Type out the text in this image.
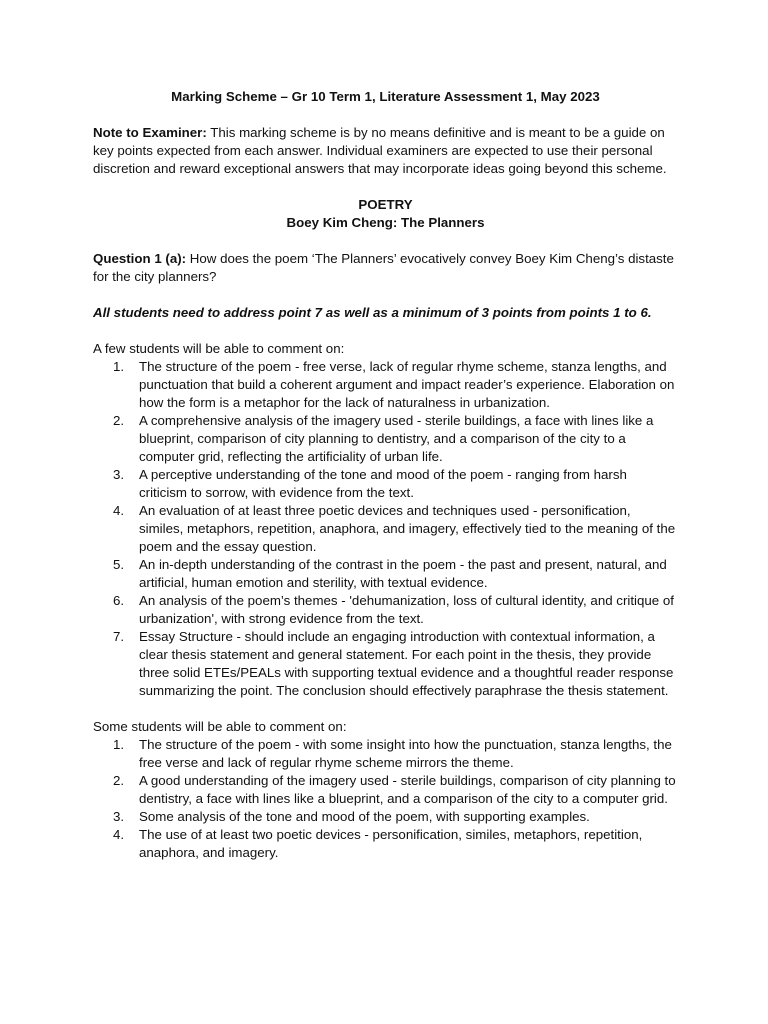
Marking Scheme – Gr 10 Term 1, Literature Assessment 1, May 2023

Note to Examiner: This marking scheme is by no means definitive and is meant to be a guide on key points expected from each answer. Individual examiners are expected to use their personal discretion and reward exceptional answers that may incorporate ideas going beyond this scheme.

POETRY

Boey Kim Cheng: The Planners

Question 1 (a): How does the poem ‘The Planners’ evocatively convey Boey Kim Cheng’s distaste for the city planners?

All students need to address point 7 as well as a minimum of 3 points from points 1 to 6.

A few students will be able to comment on:

1. The structure of the poem - free verse, lack of regular rhyme scheme, stanza lengths, and punctuation that build a coherent argument and impact reader’s experience. Elaboration on how the form is a metaphor for the lack of naturalness in urbanization.
2. A comprehensive analysis of the imagery used - sterile buildings, a face with lines like a blueprint, comparison of city planning to dentistry, and a comparison of the city to a computer grid, reflecting the artificiality of urban life.
3. A perceptive understanding of the tone and mood of the poem - ranging from harsh criticism to sorrow, with evidence from the text.
4. An evaluation of at least three poetic devices and techniques used - personification, similes, metaphors, repetition, anaphora, and imagery, effectively tied to the meaning of the poem and the essay question.
5. An in-depth understanding of the contrast in the poem - the past and present, natural, and artificial, human emotion and sterility, with textual evidence.
6. An analysis of the poem’s themes - 'dehumanization, loss of cultural identity, and critique of urbanization', with strong evidence from the text.
7. Essay Structure - should include an engaging introduction with contextual information, a clear thesis statement and general statement. For each point in the thesis, they provide three solid ETEs/PEALs with supporting textual evidence and a thoughtful reader response summarizing the point. The conclusion should effectively paraphrase the thesis statement.

Some students will be able to comment on:

1. The structure of the poem - with some insight into how the punctuation, stanza lengths, the free verse and lack of regular rhyme scheme mirrors the theme.
2. A good understanding of the imagery used - sterile buildings, comparison of city planning to dentistry, a face with lines like a blueprint, and a comparison of the city to a computer grid.
3. Some analysis of the tone and mood of the poem, with supporting examples.
4. The use of at least two poetic devices - personification, similes, metaphors, repetition, anaphora, and imagery.
